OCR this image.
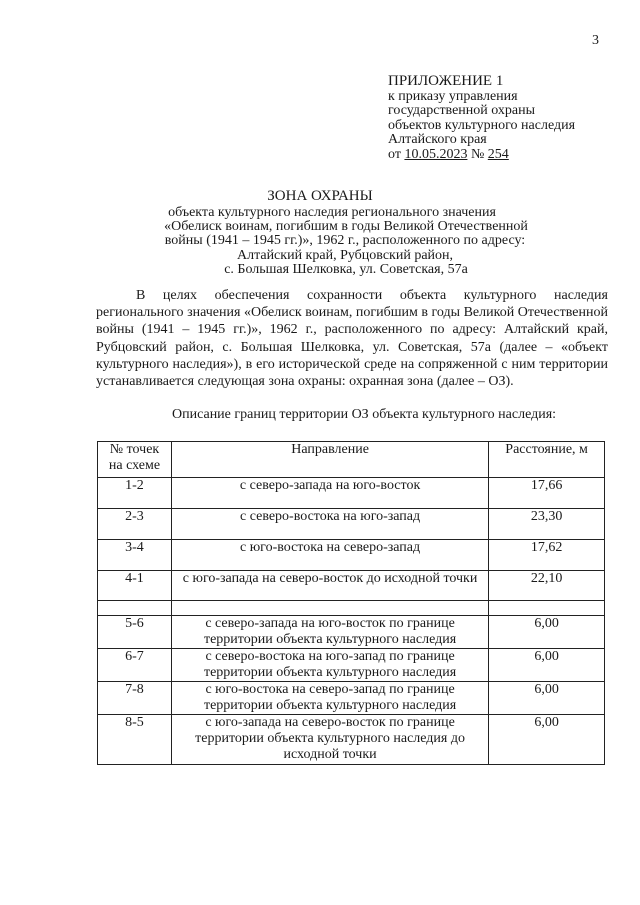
3
ПРИЛОЖЕНИЕ 1
к приказу управления
государственной охраны
объектов культурного наследия
Алтайского края
от 10.05.2023 № 254
ЗОНА ОХРАНЫ
объекта культурного наследия регионального значения
«Обелиск воинам, погибшим в годы Великой Отечественной
войны (1941 – 1945 гг.)», 1962 г., расположенного по адресу:
Алтайский край, Рубцовский район,
с. Большая Шелковка, ул. Советская, 57а

В целях обеспечения сохранности объекта культурного наследия регионального значения «Обелиск воинам, погибшим в годы Великой Отечественной войны (1941 – 1945 гг.)», 1962 г., расположенного по адресу: Алтайский край, Рубцовский район, с. Большая Шелковка, ул. Советская, 57а (далее – «объект культурного наследия»), в его исторической среде на сопряженной с ним территории устанавливается следующая зона охраны: охранная зона (далее – ОЗ).

Описание границ территории ОЗ объекта культурного наследия:
№ точек на схеме	Направление	Расстояние, м
1-2	с северо-запада на юго-восток	17,66
2-3	с северо-востока на юго-запад	23,30
3-4	с юго-востока на северо-запад	17,62
4-1	с юго-запада на северо-восток до исходной точки	22,10

5-6	с северо-запада на юго-восток по границе территории объекта культурного наследия	6,00
6-7	с северо-востока на юго-запад по границе территории объекта культурного наследия	6,00
7-8	с юго-востока на северо-запад по границе территории объекта культурного наследия	6,00
8-5	с юго-запада на северо-восток по границе территории объекта культурного наследия до исходной точки	6,00
